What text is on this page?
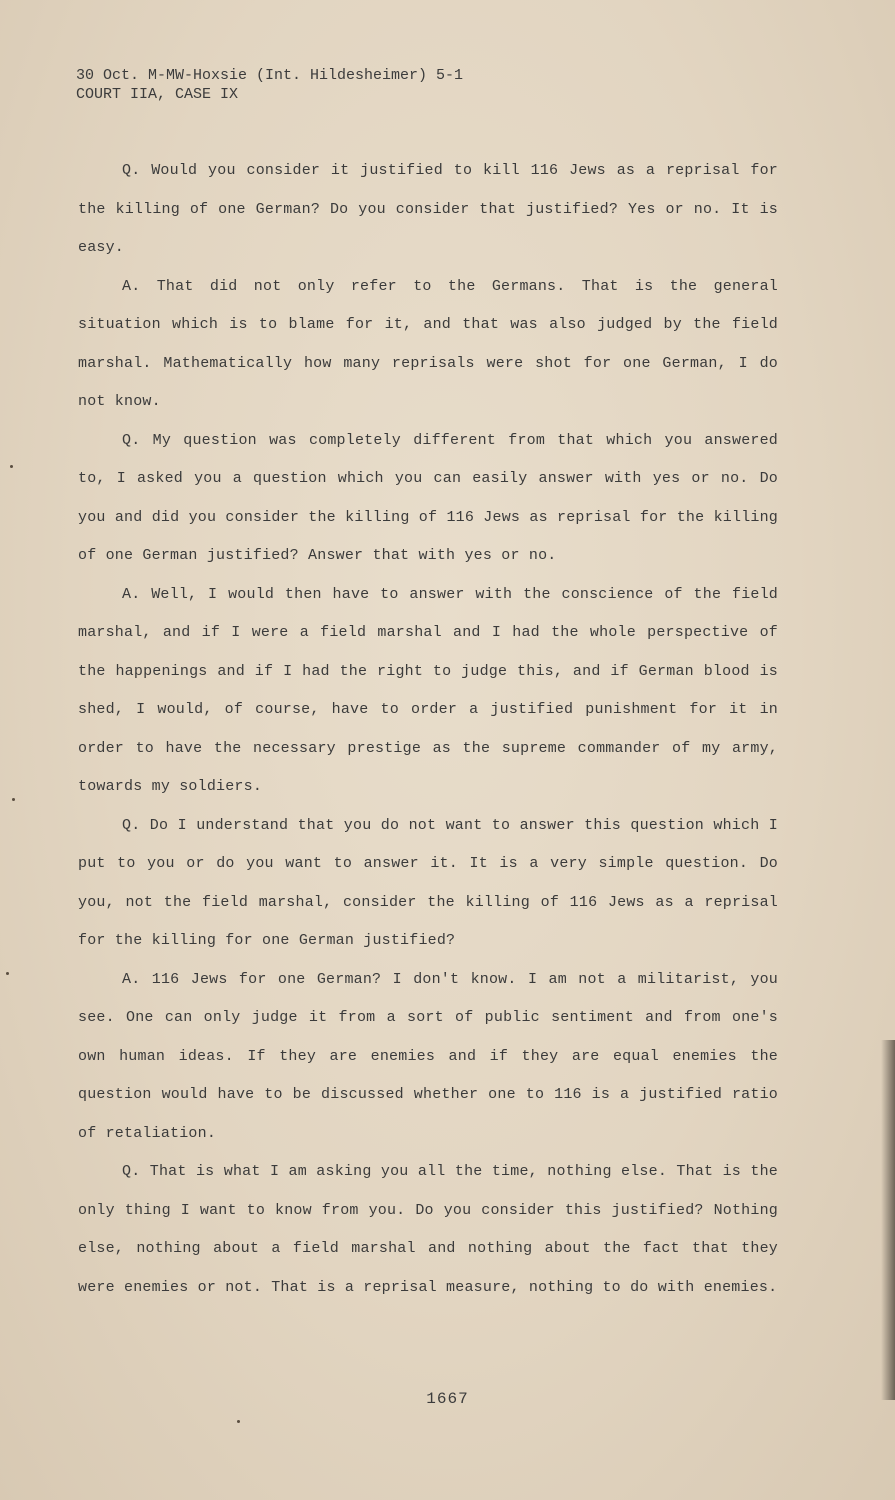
30 Oct. M-MW-Hoxsie (Int. Hildesheimer) 5-1
COURT IIA, CASE IX

Q. Would you consider it justified to kill 116 Jews as a reprisal for the killing of one German? Do you consider that justified? Yes or no. It is easy.

A. That did not only refer to the Germans. That is the general situation which is to blame for it, and that was also judged by the field marshal. Mathematically how many reprisals were shot for one German, I do not know.

Q. My question was completely different from that which you answered to, I asked you a question which you can easily answer with yes or no. Do you and did you consider the killing of 116 Jews as reprisal for the killing of one German justified? Answer that with yes or no.

A. Well, I would then have to answer with the conscience of the field marshal, and if I were a field marshal and I had the whole perspective of the happenings and if I had the right to judge this, and if German blood is shed, I would, of course, have to order a justified punishment for it in order to have the necessary prestige as the supreme commander of my army, towards my soldiers.

Q. Do I understand that you do not want to answer this question which I put to you or do you want to answer it. It is a very simple question. Do you, not the field marshal, consider the killing of 116 Jews as a reprisal for the killing for one German justified?

A. 116 Jews for one German? I don't know. I am not a militarist, you see. One can only judge it from a sort of public sentiment and from one's own human ideas. If they are enemies and if they are equal enemies the question would have to be discussed whether one to 116 is a justified ratio of retaliation.

Q. That is what I am asking you all the time, nothing else. That is the only thing I want to know from you. Do you consider this justified? Nothing else, nothing about a field marshal and nothing about the fact that they were enemies or not. That is a reprisal measure, nothing to do with enemies.

1667
